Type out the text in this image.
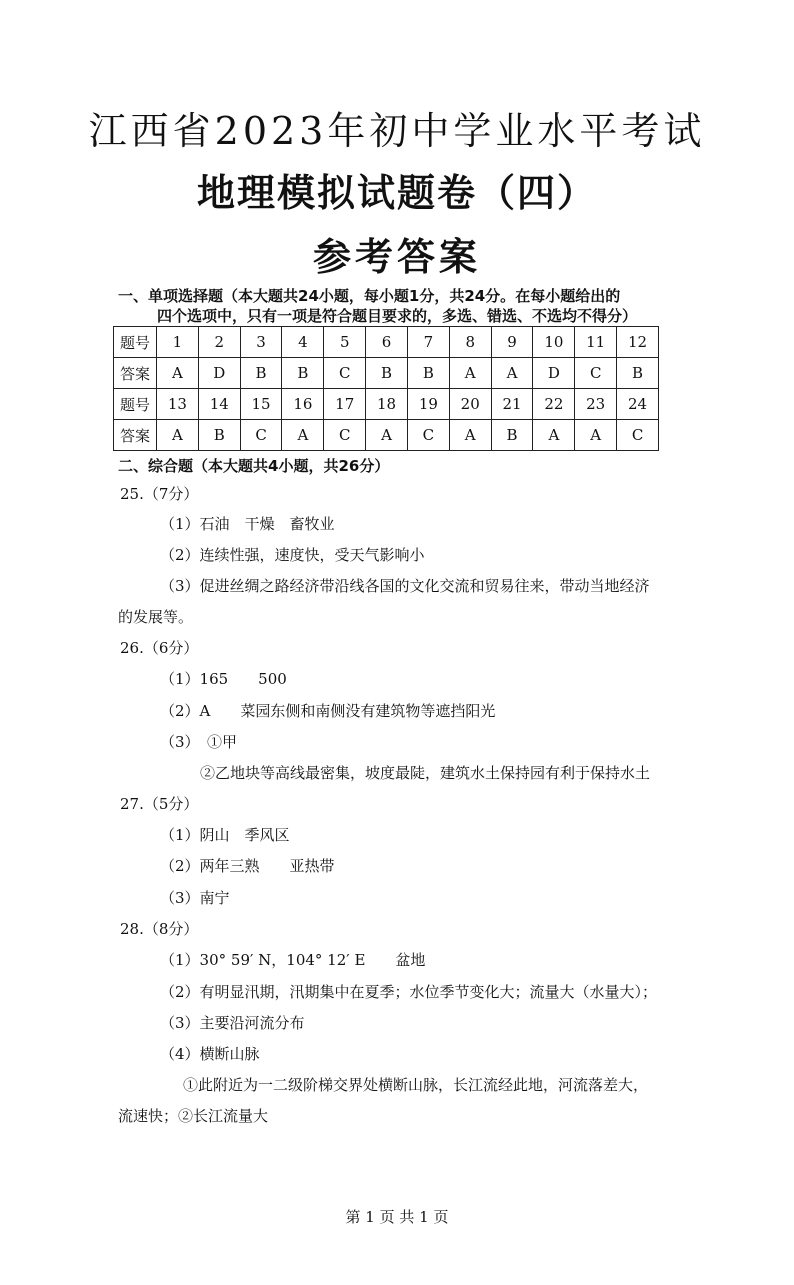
江西省2023年初中学业水平考试
地理模拟试题卷（四）
参考答案
一、单项选择题（本大题共24小题，每小题1分，共24分。在每小题给出的
四个选项中，只有一项是符合题目要求的，多选、错选、不选均不得分）
题号	1	2	3	4	5	6	7	8	9	10	11	12
答案	A	D	B	B	C	B	B	A	A	D	C	B
题号	13	14	15	16	17	18	19	20	21	22	23	24
答案	A	B	C	A	C	A	C	A	B	A	A	C
二、综合题（本大题共4小题，共26分）
25.（7分）
（1）石油　干燥　畜牧业
（2）连续性强，速度快，受天气影响小
（3）促进丝绸之路经济带沿线各国的文化交流和贸易往来，带动当地经济
的发展等。
26.（6分）
（1）165　　500
（2）A　　菜园东侧和南侧没有建筑物等遮挡阳光
（3）　①甲
②乙地块等高线最密集，坡度最陡，建筑水土保持园有利于保持水土
27.（5分）
（1）阴山　季风区
（2）两年三熟　　亚热带
（3）南宁
28.（8分）
（1）30° 59′ N，104° 12′ E　　盆地
（2）有明显汛期，汛期集中在夏季；水位季节变化大；流量大（水量大）；
（3）主要沿河流分布
（4）横断山脉
①此附近为一二级阶梯交界处横断山脉，长江流经此地，河流落差大，
流速快；②长江流量大
第 1 页 共 1 页
